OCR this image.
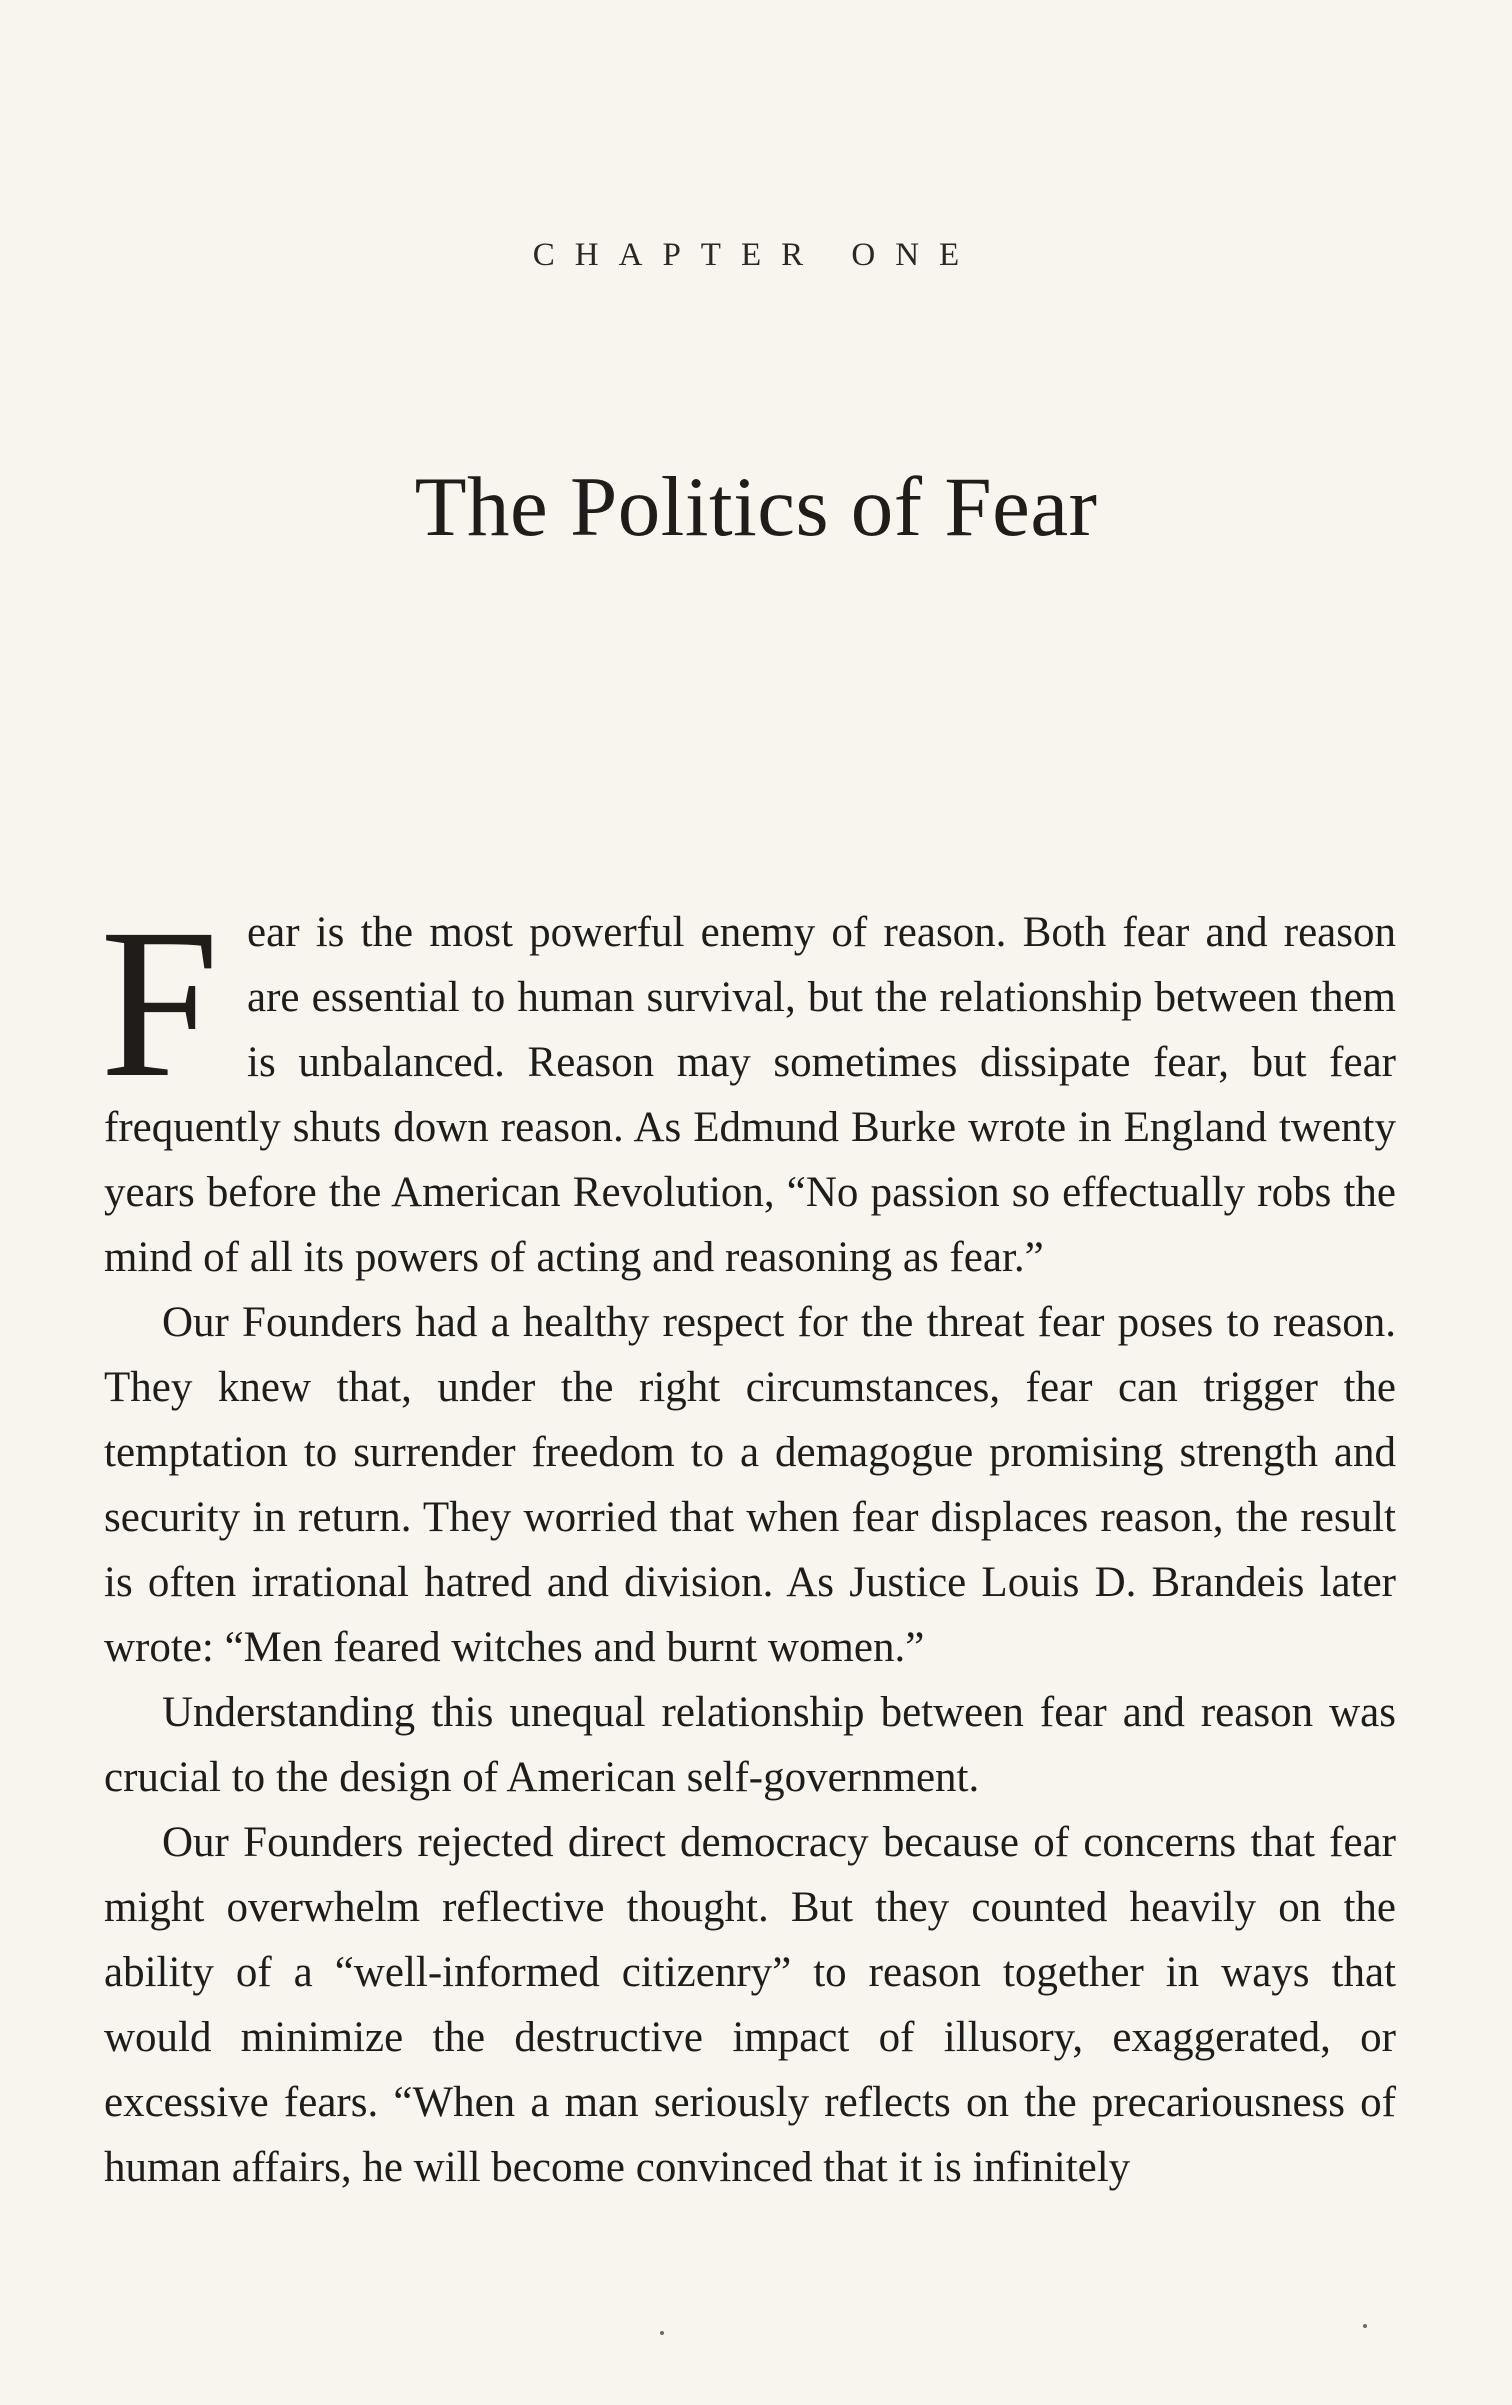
CHAPTER ONE
The Politics of Fear

Fear is the most powerful enemy of reason. Both fear and reason are essential to human survival, but the relationship between them is unbalanced. Reason may sometimes dissipate fear, but fear frequently shuts down reason. As Edmund Burke wrote in England twenty years before the American Revolution, “No passion so effectually robs the mind of all its powers of acting and reasoning as fear.”

Our Founders had a healthy respect for the threat fear poses to reason. They knew that, under the right circumstances, fear can trigger the temptation to surrender freedom to a demagogue promising strength and security in return. They worried that when fear displaces reason, the result is often irrational hatred and division. As Justice Louis D. Brandeis later wrote: “Men feared witches and burnt women.”

Understanding this unequal relationship between fear and reason was crucial to the design of American self-government.

Our Founders rejected direct democracy because of concerns that fear might overwhelm reflective thought. But they counted heavily on the ability of a “well-informed citizenry” to reason together in ways that would minimize the destructive impact of illusory, exaggerated, or excessive fears. “When a man seriously reflects on the precariousness of human affairs, he will become convinced that it is infinitely
